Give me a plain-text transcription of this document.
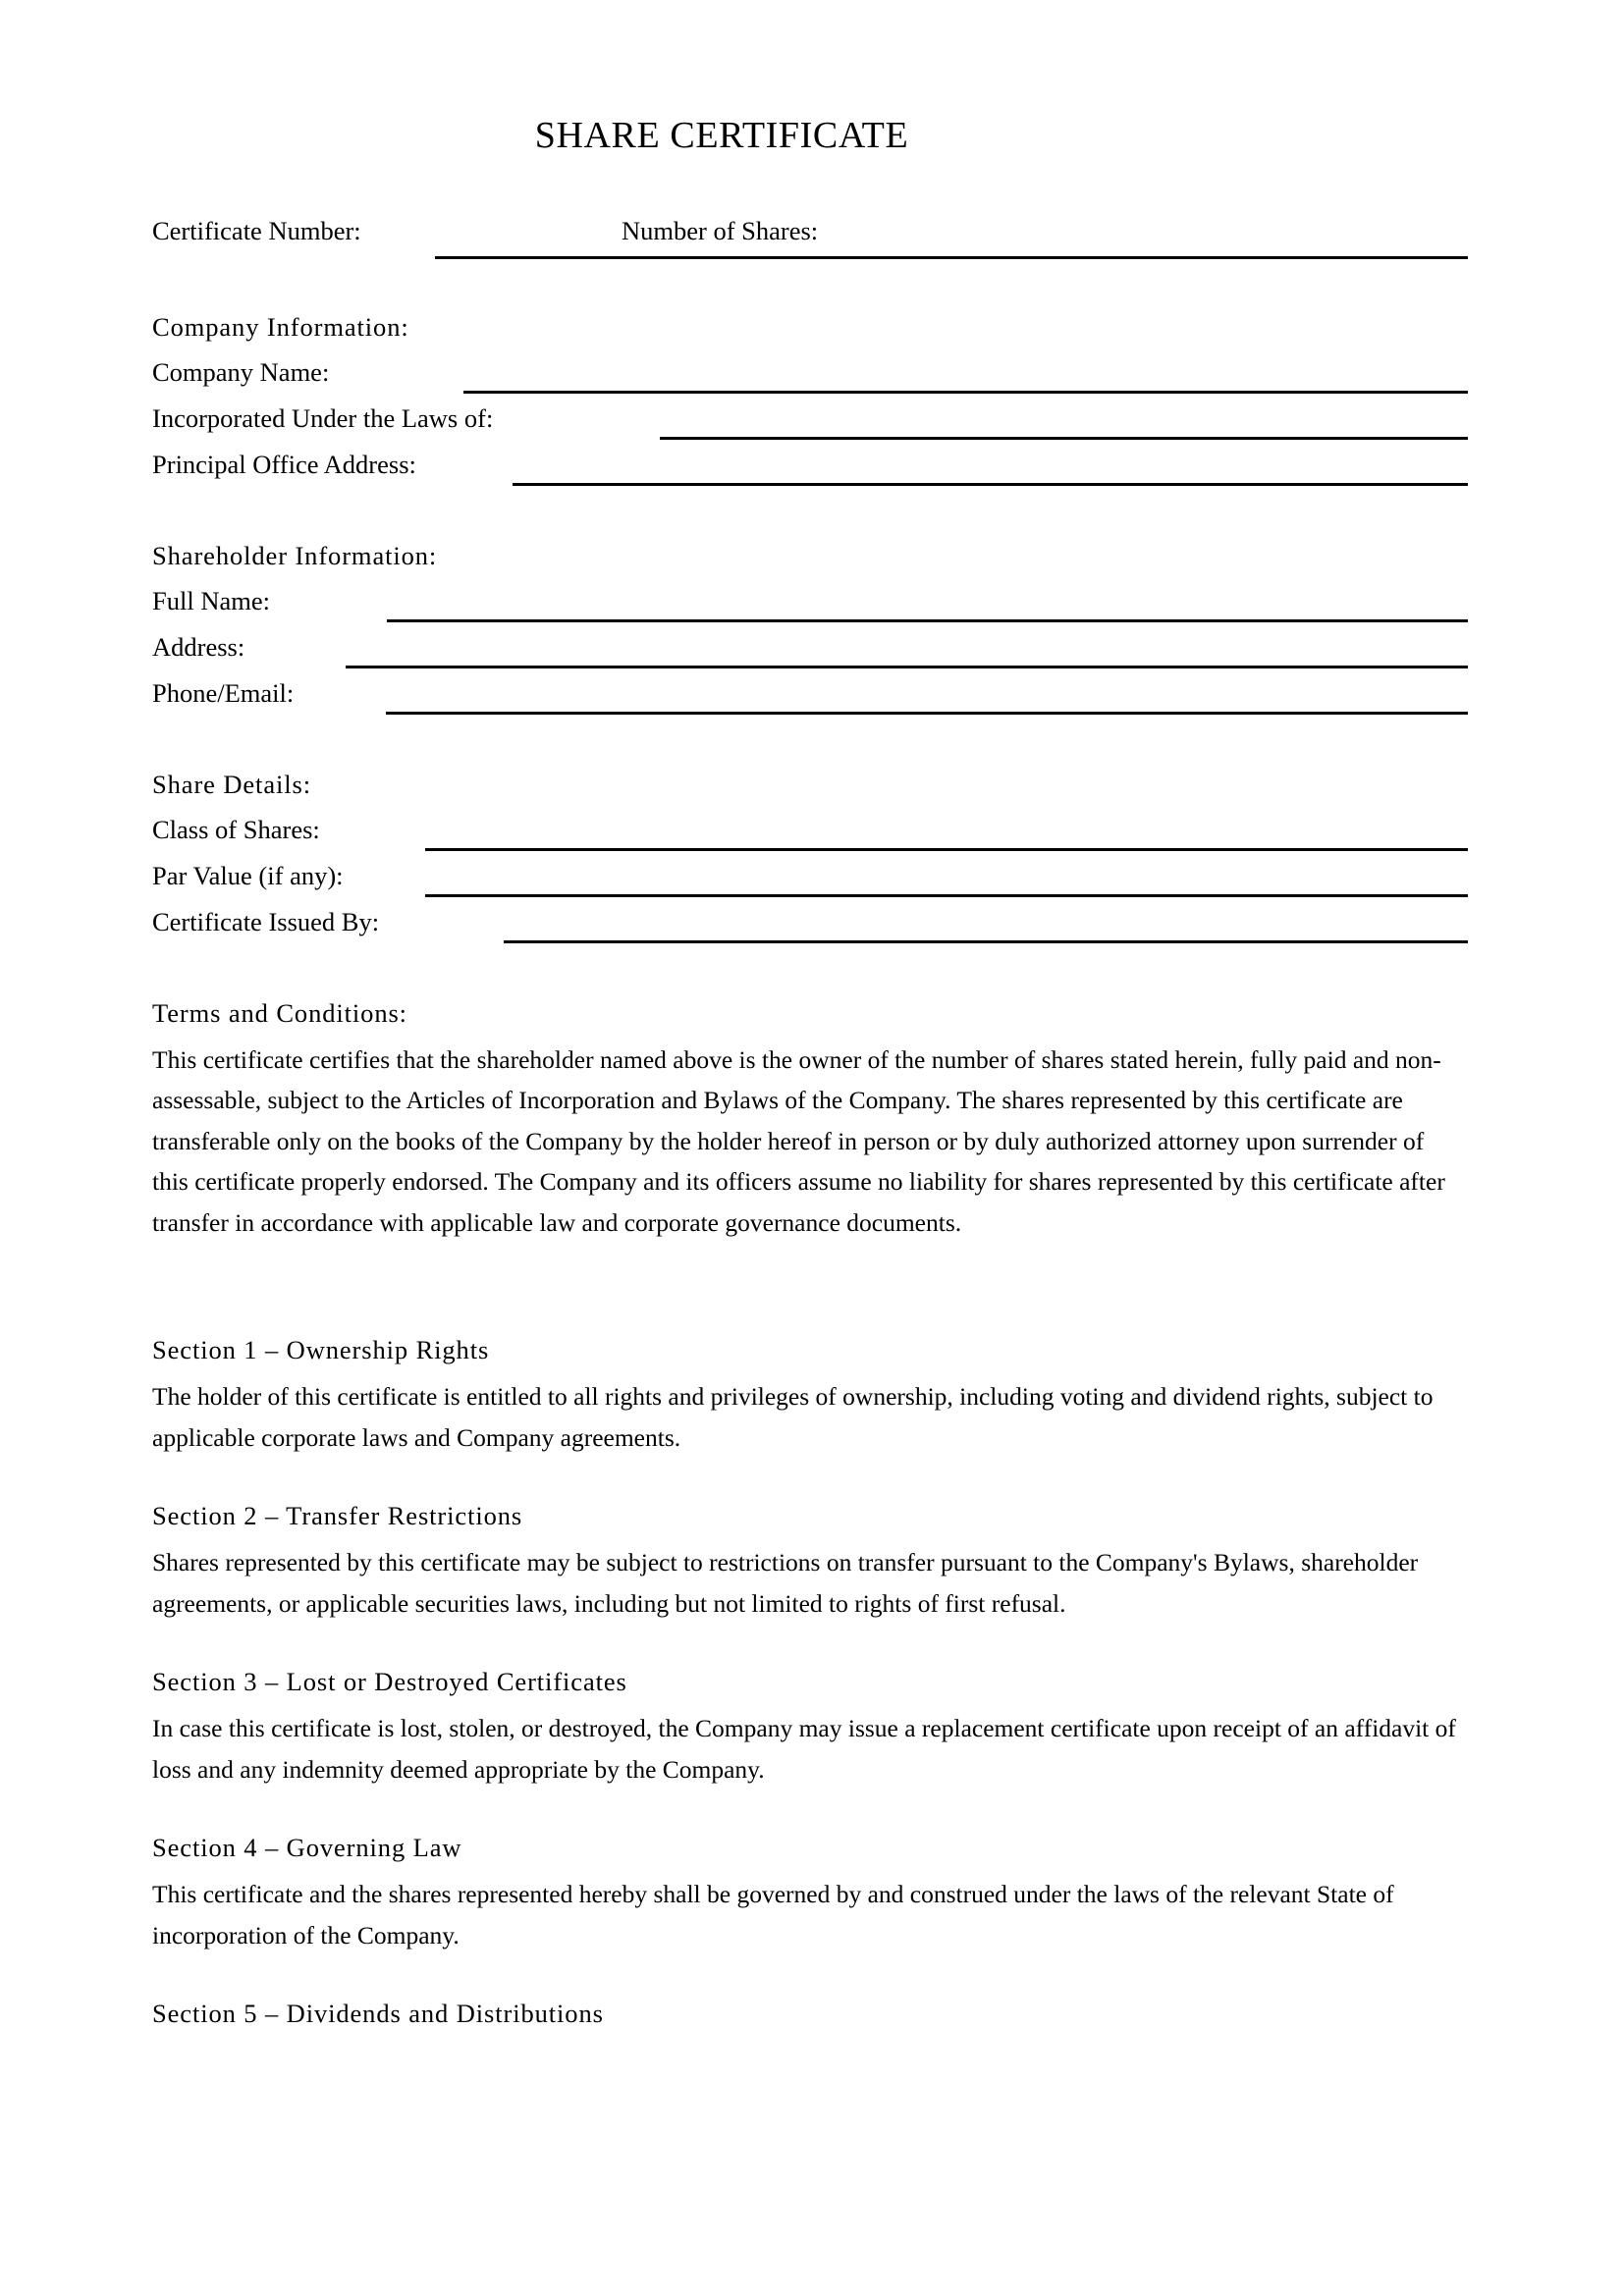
SHARE CERTIFICATE
Certificate Number:	Number of Shares:
Company Information:
Company Name:
Incorporated Under the Laws of:
Principal Office Address:
Shareholder Information:
Full Name:
Address:
Phone/Email:
Share Details:
Class of Shares:
Par Value (if any):
Certificate Issued By:
Terms and Conditions:

This certificate certifies that the shareholder named above is the owner of the number of shares stated herein, fully paid and non-assessable, subject to the Articles of Incorporation and Bylaws of the Company. The shares represented by this certificate are transferable only on the books of the Company by the holder hereof in person or by duly authorized attorney upon surrender of this certificate properly endorsed. The Company and its officers assume no liability for shares represented by this certificate after transfer in accordance with applicable law and corporate governance documents.

Section 1 – Ownership Rights

The holder of this certificate is entitled to all rights and privileges of ownership, including voting and dividend rights, subject to applicable corporate laws and Company agreements.

Section 2 – Transfer Restrictions

Shares represented by this certificate may be subject to restrictions on transfer pursuant to the Company's Bylaws, shareholder agreements, or applicable securities laws, including but not limited to rights of first refusal.

Section 3 – Lost or Destroyed Certificates

In case this certificate is lost, stolen, or destroyed, the Company may issue a replacement certificate upon receipt of an affidavit of loss and any indemnity deemed appropriate by the Company.

Section 4 – Governing Law

This certificate and the shares represented hereby shall be governed by and construed under the laws of the relevant State of incorporation of the Company.

Section 5 – Dividends and Distributions
